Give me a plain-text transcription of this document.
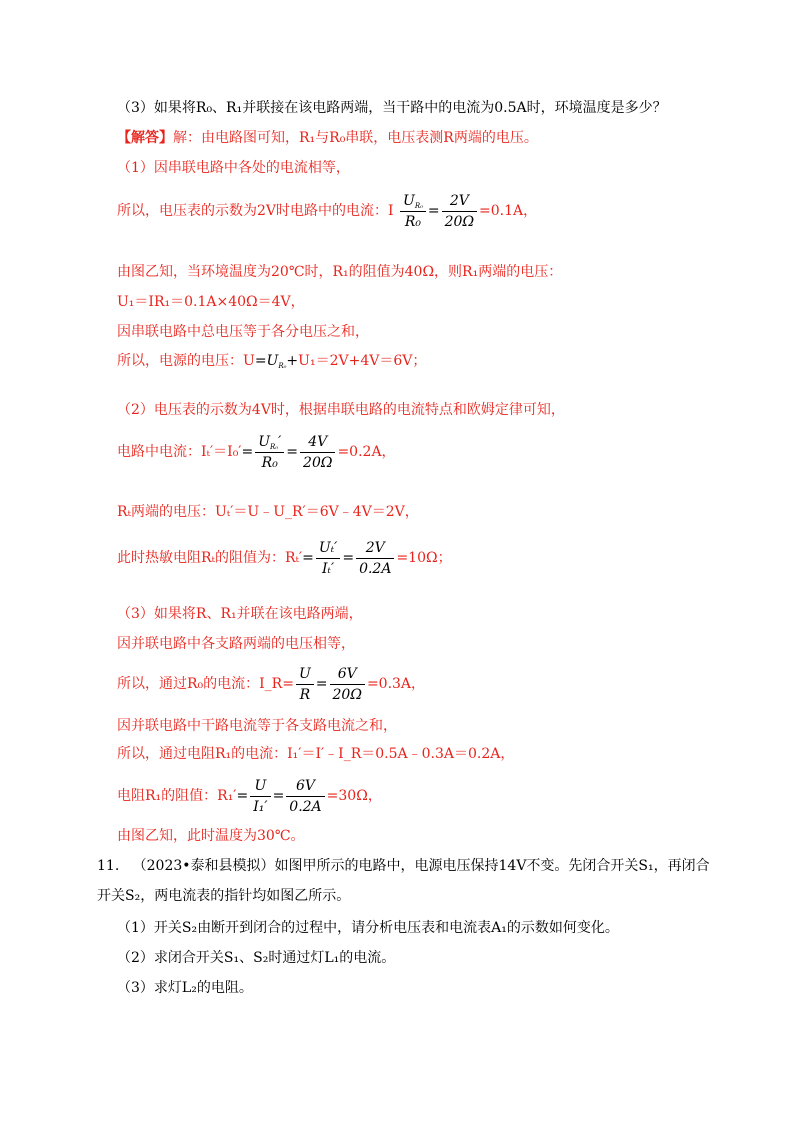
（3）如果将R₀、R₁并联接在该电路两端，当干路中的电流为0.5A时，环境温度是多少？
【解答】解：由电路图可知，R₁与R₀串联，电压表测R两端的电压。
（1）因串联电路中各处的电流相等，
所以，电压表的示数为2V时电路中的电流：I $\frac{U_{R_0}}{\text{R₀}} = \frac{2V}{20\Omega} =0.1A$，
由图乙知，当环境温度为20℃时，R₁的阻值为40Ω，则R₁两端的电压：
U₁＝IR₁＝0.1A×40Ω＝4V，
因串联电路中总电压等于各分电压之和，
所以，电源的电压：$U=U_{R_0}+U_1=2V+4V=6V$；
（2）电压表的示数为4V时，根据串联电路的电流特点和欧姆定律可知，
电路中电流：$I_t'=I_0'= \frac{U_{R_0}'}{\text{R₀}} = \frac{4V}{20\Omega} =0.2A$，
Rₜ两端的电压：Uₜ′＝U﹣U_R′＝6V﹣4V＝2V，
此时热敏电阻Rₜ的阻值为：$R_t'= \frac{\text{Uₜ′}}{\text{Iₜ′}} = \frac{2V}{0.2A} =10\Omega$；
（3）如果将R、R₁并联在该电路两端，
因并联电路中各支路两端的电压相等，
所以，通过R₀的电流：I_R= $\frac{U}{R} = \frac{6V}{20\Omega} =0.3A$，
因并联电路中干路电流等于各支路电流之和，
所以，通过电阻R₁的电流：I₁′＝I′﹣I_R＝0.5A﹣0.3A＝0.2A，
电阻R₁的阻值：$R_1'= \frac{U}{\text{I₁′}} = \frac{6V}{0.2A} =30\Omega$，
由图乙知，此时温度为30℃。
11. （2023•泰和县模拟）如图甲所示的电路中，电源电压保持14V不变。先闭合开关S₁，再闭合
开关S₂，两电流表的指针均如图乙所示。
（1）开关S₂由断开到闭合的过程中，请分析电压表和电流表A₁的示数如何变化。
（2）求闭合开关S₁、S₂时通过灯L₁的电流。
（3）求灯L₂的电阻。
